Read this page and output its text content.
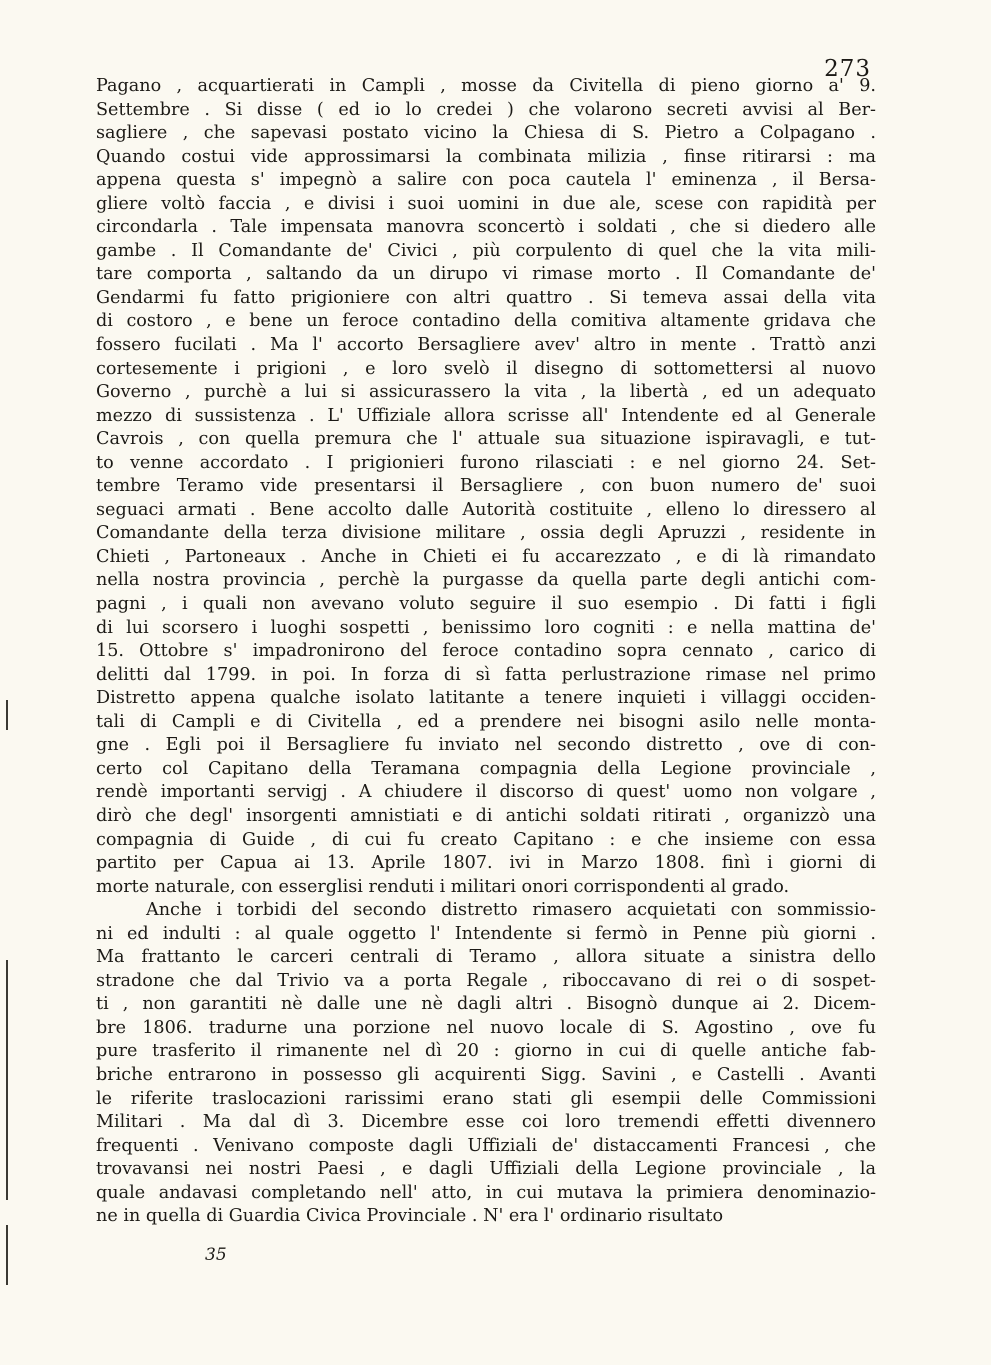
273
Pagano , acquartierati in Campli , mosse da Civitella di pieno giorno a' 9.
Settembre . Si disse ( ed io lo credei ) che volarono secreti avvisi al Ber-
sagliere , che sapevasi postato vicino la Chiesa di S. Pietro a Colpagano .
Quando costui vide approssimarsi la combinata milizia , finse ritirarsi : ma
appena questa s' impegnò a salire con poca cautela l' eminenza , il Bersa-
gliere voltò faccia , e divisi i suoi uomini in due ale, scese con rapidità per
circondarla . Tale impensata manovra sconcertò i soldati , che si diedero alle
gambe . Il Comandante de' Civici , più corpulento di quel che la vita mili-
tare comporta , saltando da un dirupo vi rimase morto . Il Comandante de'
Gendarmi fu fatto prigioniere con altri quattro . Si temeva assai della vita
di costoro , e bene un feroce contadino della comitiva altamente gridava che
fossero fucilati . Ma l' accorto Bersagliere avev' altro in mente . Trattò anzi
cortesemente i prigioni , e loro svelò il disegno di sottomettersi al nuovo
Governo , purchè a lui si assicurassero la vita , la libertà , ed un adequato
mezzo di sussistenza . L' Uffiziale allora scrisse all' Intendente ed al Generale
Cavrois , con quella premura che l' attuale sua situazione ispiravagli, e tut-
to venne accordato . I prigionieri furono rilasciati : e nel giorno 24. Set-
tembre Teramo vide presentarsi il Bersagliere , con buon numero de' suoi
seguaci armati . Bene accolto dalle Autorità costituite , elleno lo diressero al
Comandante della terza divisione militare , ossia degli Apruzzi , residente in
Chieti , Partoneaux . Anche in Chieti ei fu accarezzato , e di là rimandato
nella nostra provincia , perchè la purgasse da quella parte degli antichi com-
pagni , i quali non avevano voluto seguire il suo esempio . Di fatti i figli
di lui scorsero i luoghi sospetti , benissimo loro cogniti : e nella mattina de'
15. Ottobre s' impadronirono del feroce contadino sopra cennato , carico di
delitti dal 1799. in poi. In forza di sì fatta perlustrazione rimase nel primo
Distretto appena qualche isolato latitante a tenere inquieti i villaggi occiden-
tali di Campli e di Civitella , ed a prendere nei bisogni asilo nelle monta-
gne . Egli poi il Bersagliere fu inviato nel secondo distretto , ove di con-
certo col Capitano della Teramana compagnia della Legione provinciale ,
rendè importanti servigj . A chiudere il discorso di quest' uomo non volgare ,
dirò che degl' insorgenti amnistiati e di antichi soldati ritirati , organizzò una
compagnia di Guide , di cui fu creato Capitano : e che insieme con essa
partito per Capua ai 13. Aprile 1807. ivi in Marzo 1808. finì i giorni di
morte naturale, con esserglisi renduti i militari onori corrispondenti al grado.
Anche i torbidi del secondo distretto rimasero acquietati con sommissio-
ni ed indulti : al quale oggetto l' Intendente si fermò in Penne più giorni .
Ma frattanto le carceri centrali di Teramo , allora situate a sinistra dello
stradone che dal Trivio va a porta Regale , riboccavano di rei o di sospet-
ti , non garantiti nè dalle une nè dagli altri . Bisognò dunque ai 2. Dicem-
bre 1806. tradurne una porzione nel nuovo locale di S. Agostino , ove fu
pure trasferito il rimanente nel dì 20 : giorno in cui di quelle antiche fab-
briche entrarono in possesso gli acquirenti Sigg. Savini , e Castelli . Avanti
le riferite traslocazioni rarissimi erano stati gli esempii delle Commissioni
Militari . Ma dal dì 3. Dicembre esse coi loro tremendi effetti divennero
frequenti . Venivano composte dagli Uffiziali de' distaccamenti Francesi , che
trovavansi nei nostri Paesi , e dagli Uffiziali della Legione provinciale , la
quale andavasi completando nell' atto, in cui mutava la primiera denominazio-
ne in quella di Guardia Civica Provinciale . N' era l' ordinario risultato
35
